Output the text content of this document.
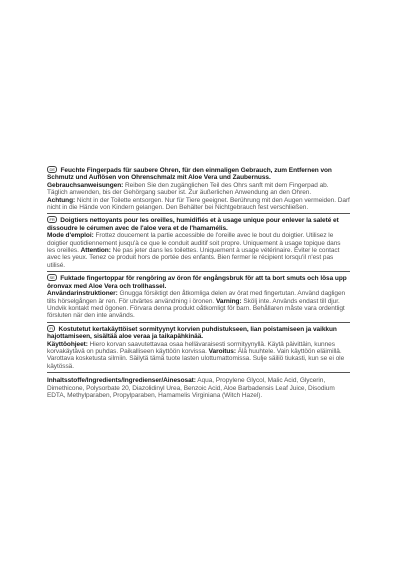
DE Feuchte Fingerpads für saubere Ohren, für den einmaligen Gebrauch, zum Entfernen von Schmutz und Auflösen von Ohrenschmalz mit Aloe Vera und Zaubernuss.
Gebrauchsanweisungen: Reiben Sie den zugänglichen Teil des Ohrs sanft mit dem Fingerpad ab. Täglich anwenden, bis der Gehörgang sauber ist. Zur äußerlichen Anwendung an den Ohren.
Achtung: Nicht in der Toilette entsorgen. Nur für Tiere geeignet. Berührung mit den Augen vermeiden. Darf nicht in die Hände von Kindern gelangen. Den Behälter bei Nichtgebrauch fest verschließen.
FR Doigtiers nettoyants pour les oreilles, humidifiés et à usage unique pour enlever la saleté et dissoudre le cérumen avec de l'aloe vera et de l'hamamélis.
Mode d'emploi: Frottez doucement la partie accessible de l'oreille avec le bout du doigtier. Utilisez le doigtier quotidiennement jusqu'à ce que le conduit auditif soit propre. Uniquement à usage topique dans les oreilles. Attention: Ne pas jeter dans les toilettes. Uniquement à usage vétérinaire. Éviter le contact avec les yeux. Tenez ce produit hors de portée des enfants. Bien fermer le récipient lorsqu'il n'est pas utilisé.
SE Fuktade fingertoppar för rengöring av öron för engångsbruk för att ta bort smuts och lösa upp öronvax med Aloe Vera och trollhassel.
Användarinstruktioner: Gnugga försiktigt den åtkomliga delen av örat med fingertutan. Använd dagligen tills hörselgången är ren. För utvärtes användning i öronen. Varning: Skölj inte. Används endast till djur. Undvik kontakt med ögonen. Förvara denna produkt oåtkomligt för barn. Behållaren måste vara ordentligt försluten när den inte används.
FI Kostutetut kertakäyttöiset sormityynyt korvien puhdistukseen, lian poistamiseen ja vaikkun hajottamiseen, sisältää aloe veraa ja taikapähkinää.
Käyttöohjeet: Hiero korvan saavutettavaa osaa hellävaraisesti sormityynyllä. Käytä päivittäin, kunnes korvakäytävä on puhdas. Paikalliseen käyttöön korvissa. Varoitus: Älä huuhtele. Vain käyttöön eläimillä. Varottava kosketusta silmiin. Säilytä tämä tuote lasten ulottumattomissa. Sulje säiliö tiukasti, kun se ei ole käytössä.
Inhaltsstoffe/Ingredients/Ingredienser/Ainesosat: Aqua, Propylene Glycol, Malic Acid, Glycerin, Dimethicone, Polysorbate 20, Diazolidinyl Urea, Benzoic Acid, Aloe Barbadensis Leaf Juice, Disodium EDTA, Methylparaben, Propylparaben, Hamamelis Virginiana (Witch Hazel).
